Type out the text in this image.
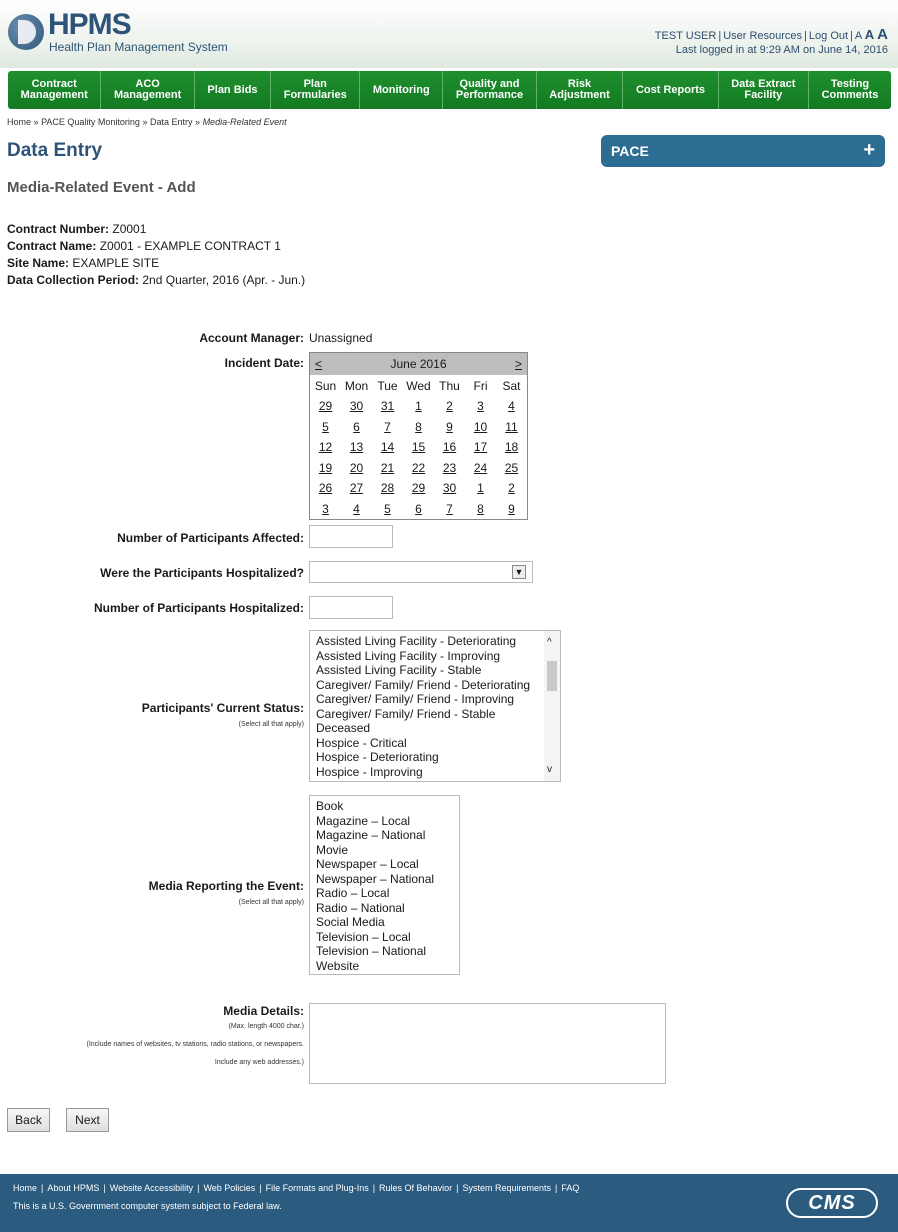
HPMS
Health Plan Management System
TEST USER | User Resources | Log Out | A A A
Last logged in at 9:29 AM on June 14, 2016
Contract
Management
ACO
Management Plan Bids	Plan
Formularies Monitoring	Quality and
Performance
Risk
Adjustment Cost Reports Data Extract
Facility
Testing
Comments
Home » PACE Quality Monitoring » Data Entry » Media-Related Event
Data Entry	PACE	+
Media-Related Event - Add
Contract Number: Z0001
Contract Name: Z0001 - EXAMPLE CONTRACT 1
Site Name: EXAMPLE SITE
Data Collection Period: 2nd Quarter, 2016 (Apr. - Jun.)
Account Manager: Unassigned
Incident Date: <	June 2016	>
Sun Mon Tue Wed Thu	Fri	Sat
29	30	31	1	2	3	4
5	6	7	8	9	10	11
12	13	14	15	16	17	18
19	20	21	22	23	24	25
26	27	28	29	30	1	2
3	4	5	6	7	8	9
Number of Participants Affected:
Were the Participants Hospitalized?	▼
Number of Participants Hospitalized:
Participants' Current Status:
(Select all that apply)
Assisted Living Facility - Deteriorating
Assisted Living Facility - Improving
Assisted Living Facility - Stable
Caregiver/ Family/ Friend - Deteriorating
Caregiver/ Family/ Friend - Improving
Caregiver/ Family/ Friend - Stable
Deceased
Hospice - Critical
Hospice - Deteriorating
Hospice - Improving
^
v
Media Reporting the Event:
(Select all that apply)
Book
Magazine – Local
Magazine – National
Movie
Newspaper – Local
Newspaper – National
Radio – Local
Radio – National
Social Media
Television – Local
Television – National
Website
Media Details:
(Max. length 4000 char.)
(Include names of websites, tv stations, radio stations, or newspapers.
Include any web addresses.)
Back	Next
Home | About HPMS | Website Accessibility | Web Policies | File Formats and Plug-Ins | Rules Of Behavior | System Requirements | FAQ
This is a U.S. Government computer system subject to Federal law.	CMS
